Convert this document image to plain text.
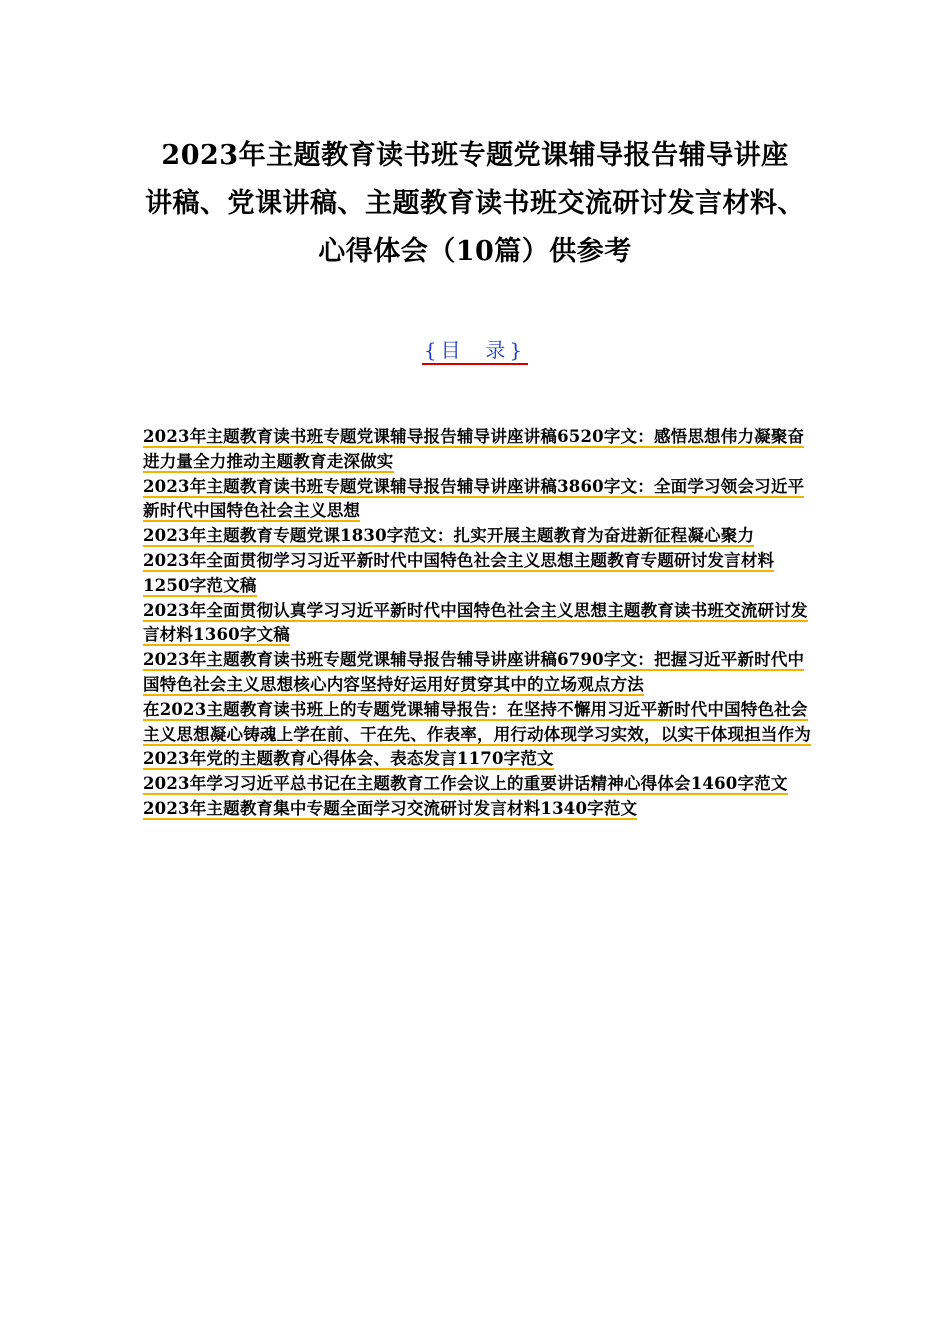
2023年主题教育读书班专题党课辅导报告辅导讲座
讲稿、党课讲稿、主题教育读书班交流研讨发言材料、
心得体会（10篇）供参考
{目  录}
2023年主题教育读书班专题党课辅导报告辅导讲座讲稿6520字文：感悟思想伟力凝聚奋进力量全力推动主题教育走深做实
2023年主题教育读书班专题党课辅导报告辅导讲座讲稿3860字文：全面学习领会习近平新时代中国特色社会主义思想
2023年主题教育专题党课1830字范文：扎实开展主题教育为奋进新征程凝心聚力
2023年全面贯彻学习习近平新时代中国特色社会主义思想主题教育专题研讨发言材料1250字范文稿
2023年全面贯彻认真学习习近平新时代中国特色社会主义思想主题教育读书班交流研讨发言材料1360字文稿
2023年主题教育读书班专题党课辅导报告辅导讲座讲稿6790字文：把握习近平新时代中国特色社会主义思想核心内容坚持好运用好贯穿其中的立场观点方法
在2023主题教育读书班上的专题党课辅导报告：在坚持不懈用习近平新时代中国特色社会主义思想凝心铸魂上学在前、干在先、作表率，用行动体现学习实效，以实干体现担当作为
2023年党的主题教育心得体会、表态发言1170字范文
2023年学习习近平总书记在主题教育工作会议上的重要讲话精神心得体会1460字范文
2023年主题教育集中专题全面学习交流研讨发言材料1340字范文
